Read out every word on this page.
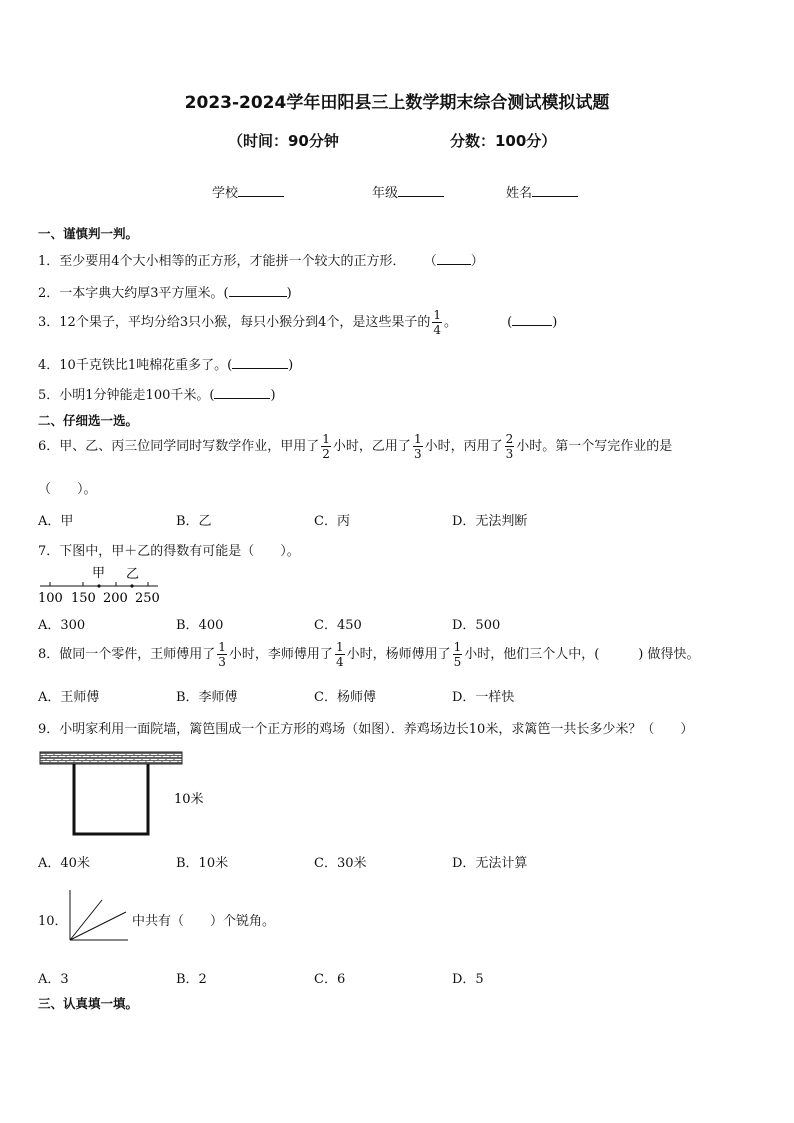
2023-2024学年田阳县三上数学期末综合测试模拟试题
（时间：90分钟	分数：100分）
学校	年级	姓名
一、谨慎判一判。
1．至少要用4个大小相等的正方形，才能拼一个较大的正方形． （	）
2．一本字典大约厚3平方厘米。(	)
3．12个果子，平均分给3只小猴，每只小猴分到4个，是这些果子的 $\frac{1}{4}$ 。	(	)
4．10千克铁比1吨棉花重多了。(	)
5．小明1分钟能走100千米。(	)
二、仔细选一选。
6．甲、乙、丙三位同学同时写数学作业，甲用了 $\frac{1}{2}$ 小时，乙用了 $\frac{1}{3}$ 小时，丙用了 $\frac{2}{3}$ 小时。第一个写完作业的是
（　　）。
A．甲	B．乙	C．丙	D．无法判断
7．下图中，甲＋乙的得数有可能是（　　）。
甲 乙
100 150 200 250
A．300	B．400	C．450	D．500
8．做同一个零件，王师傅用了 $\frac{1}{3}$ 小时，李师傅用了 $\frac{1}{4}$ 小时，杨师傅用了 $\frac{1}{5}$ 小时，他们三个人中，(　　　) 做得快。
A．王师傅	B．李师傅	C．杨师傅	D．一样快
9．小明家利用一面院墙，篱笆围成一个正方形的鸡场（如图）．养鸡场边长10米，求篱笆一共长多少米？（　　）
10米
A．40米	B．10米	C．30米	D．无法计算
10．	中共有（　　）个锐角。
A．3	B．2	C．6	D．5
三、认真填一填。
